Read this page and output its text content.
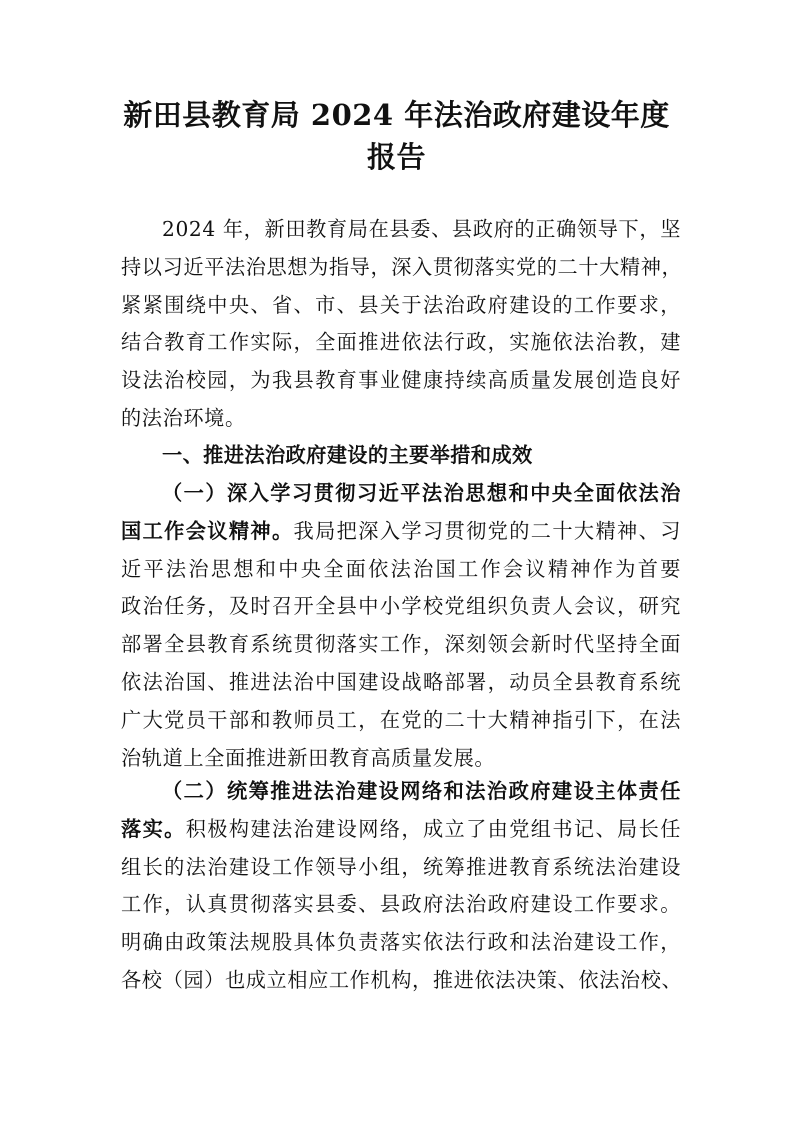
新田县教育局 2024 年法治政府建设年度
报告
2024 年，新田教育局在县委、县政府的正确领导下，坚
持以习近平法治思想为指导，深入贯彻落实党的二十大精神，
紧紧围绕中央、省、市、县关于法治政府建设的工作要求，
结合教育工作实际，全面推进依法行政，实施依法治教，建
设法治校园，为我县教育事业健康持续高质量发展创造良好
的法治环境。
一、推进法治政府建设的主要举措和成效
（一）深入学习贯彻习近平法治思想和中央全面依法治
国工作会议精神。我局把深入学习贯彻党的二十大精神、习
近平法治思想和中央全面依法治国工作会议精神作为首要
政治任务，及时召开全县中小学校党组织负责人会议，研究
部署全县教育系统贯彻落实工作，深刻领会新时代坚持全面
依法治国、推进法治中国建设战略部署，动员全县教育系统
广大党员干部和教师员工，在党的二十大精神指引下，在法
治轨道上全面推进新田教育高质量发展。
（二）统筹推进法治建设网络和法治政府建设主体责任
落实。积极构建法治建设网络，成立了由党组书记、局长任
组长的法治建设工作领导小组，统筹推进教育系统法治建设
工作，认真贯彻落实县委、县政府法治政府建设工作要求。
明确由政策法规股具体负责落实依法行政和法治建设工作，
各校（园）也成立相应工作机构，推进依法决策、依法治校、
